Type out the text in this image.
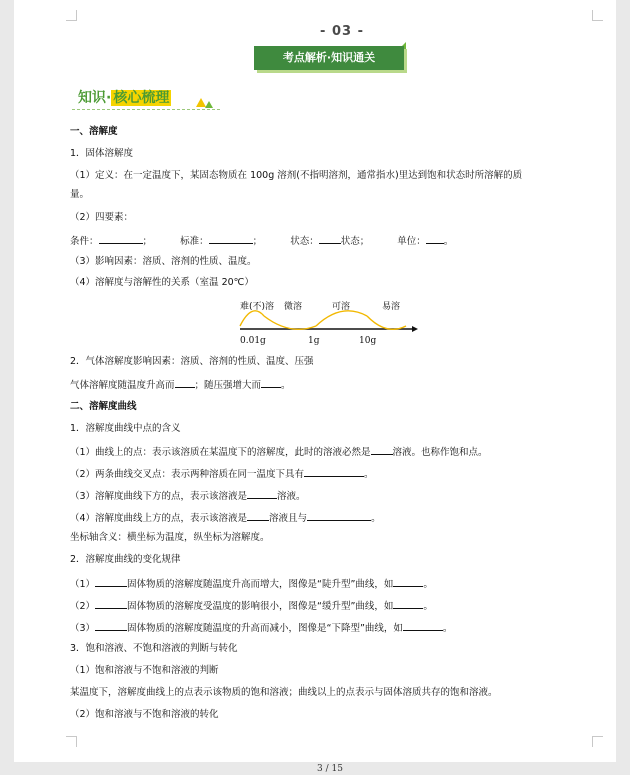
- 03 -
考点解析·知识通关
知识· 核心梳理
一、溶解度
1．固体溶解度
（1）定义：在一定温度下，某固态物质在 100g 溶剂(不指明溶剂，通常指水)里达到饱和状态时所溶解的质
量。
（2）四要素：
条件：	；	标准：	；	状态： 状态；	单位： 。
（3）影响因素：溶质、溶剂的性质、温度。
（4）溶解度与溶解性的关系（室温 20℃）
难(不)溶 微溶	可溶	易溶
0.01g	1g	10g
2．气体溶解度影响因素：溶质、溶剂的性质、温度、压强
气体溶解度随温度升高而 ；随压强增大而 。
二、溶解度曲线
1．溶解度曲线中点的含义
（1）曲线上的点：表示该溶质在某温度下的溶解度，此时的溶液必然是 溶液。也称作饱和点。
（2）两条曲线交叉点：表示两种溶质在同一温度下具有	。
（3）溶解度曲线下方的点，表示该溶液是	溶液。
（4）溶解度曲线上方的点，表示该溶液是 溶液且与	。
坐标轴含义：横坐标为温度，纵坐标为溶解度。
2．溶解度曲线的变化规律
（1）	固体物质的溶解度随温度升高而增大，图像是“陡升型”曲线，如	。
（2）	固体物质的溶解度受温度的影响很小，图像是“缓升型”曲线，如	。
（3）	固体物质的溶解度随温度的升高而减小，图像是“下降型”曲线，如	。
3．饱和溶液、不饱和溶液的判断与转化
（1）饱和溶液与不饱和溶液的判断
某温度下，溶解度曲线上的点表示该物质的饱和溶液；曲线以上的点表示与固体溶质共存的饱和溶液。
（2）饱和溶液与不饱和溶液的转化
3 / 15
